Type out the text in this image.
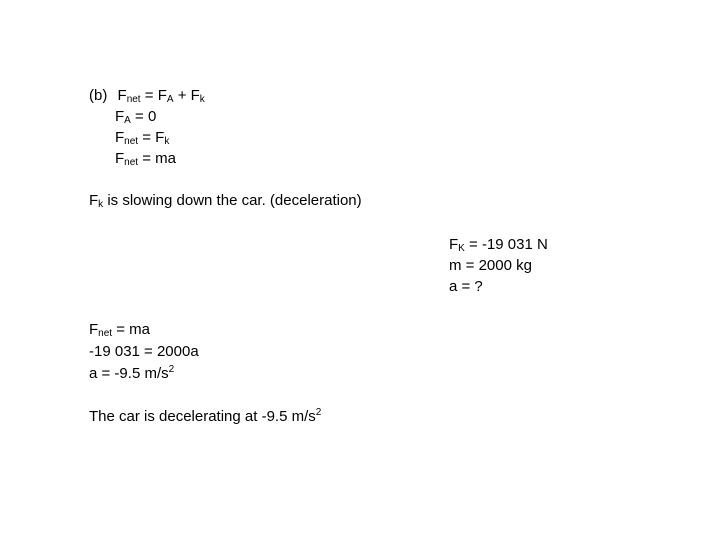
(b) $F_{net} = F_A + F_k$
$F_A = 0$
$F_{net} = F_k$
$F_{net}$ = ma
$F_k$ is slowing down the car. (deceleration)
$F_K = -19$ 031 N
m = 2000 kg
a = ?
$F_{net}$ = ma
-19 031 = 2000a
a = -9.5 $m/s^2$
The car is decelerating at -9.5 $m/s^2$
